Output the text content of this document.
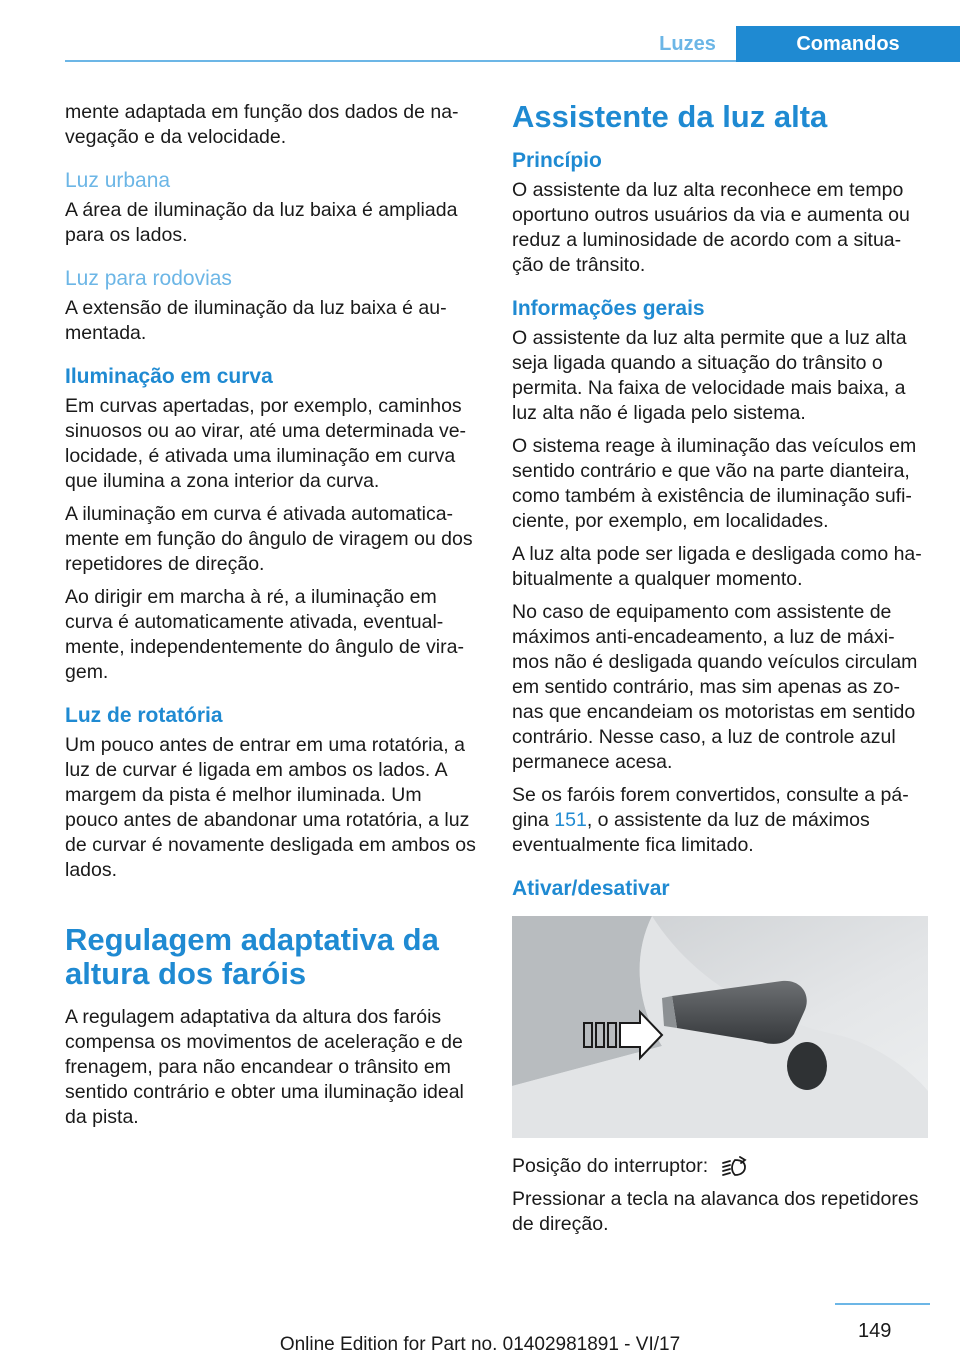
Luzes	Comandos

mente adaptada em função dos dados de na-vegação e da velocidade.

Luz urbana

A área de iluminação da luz baixa é ampliada para os lados.

Luz para rodovias

A extensão de iluminação da luz baixa é au-mentada.

Iluminação em curva

Em curvas apertadas, por exemplo, caminhos sinuosos ou ao virar, até uma determinada ve-locidade, é ativada uma iluminação em curva que ilumina a zona interior da curva.

A iluminação em curva é ativada automatica-mente em função do ângulo de viragem ou dos repetidores de direção.

Ao dirigir em marcha à ré, a iluminação em curva é automaticamente ativada, eventual-mente, independentemente do ângulo de vira-gem.

Luz de rotatória

Um pouco antes de entrar em uma rotatória, a luz de curvar é ligada em ambos os lados. A margem da pista é melhor iluminada. Um pouco antes de abandonar uma rotatória, a luz de curvar é novamente desligada em ambos os lados.

Regulagem adaptativa da altura dos faróis

A regulagem adaptativa da altura dos faróis compensa os movimentos de aceleração e de frenagem, para não encandear o trânsito em sentido contrário e obter uma iluminação ideal da pista.

Assistente da luz alta
Princípio

O assistente da luz alta reconhece em tempo oportuno outros usuários da via e aumenta ou reduz a luminosidade de acordo com a situa-ção de trânsito.

Informações gerais

O assistente da luz alta permite que a luz alta seja ligada quando a situação do trânsito o permita. Na faixa de velocidade mais baixa, a luz alta não é ligada pelo sistema.

O sistema reage à iluminação das veículos em sentido contrário e que vão na parte dianteira, como também à existência de iluminação sufi-ciente, por exemplo, em localidades.

A luz alta pode ser ligada e desligada como ha-bitualmente a qualquer momento.

No caso de equipamento com assistente de máximos anti-encadeamento, a luz de máxi-mos não é desligada quando veículos circulam em sentido contrário, mas sim apenas as zo-nas que encandeiam os motoristas em sentido contrário. Nesse caso, a luz de controle azul permanece acesa.

Se os faróis forem convertidos, consulte a pá-gina 151, o assistente da luz de máximos eventualmente fica limitado.

Ativar/desativar

Posição do interruptor:

Pressionar a tecla na alavanca dos repetidores de direção.

149
Online Edition for Part no. 01402981891 - VI/17
